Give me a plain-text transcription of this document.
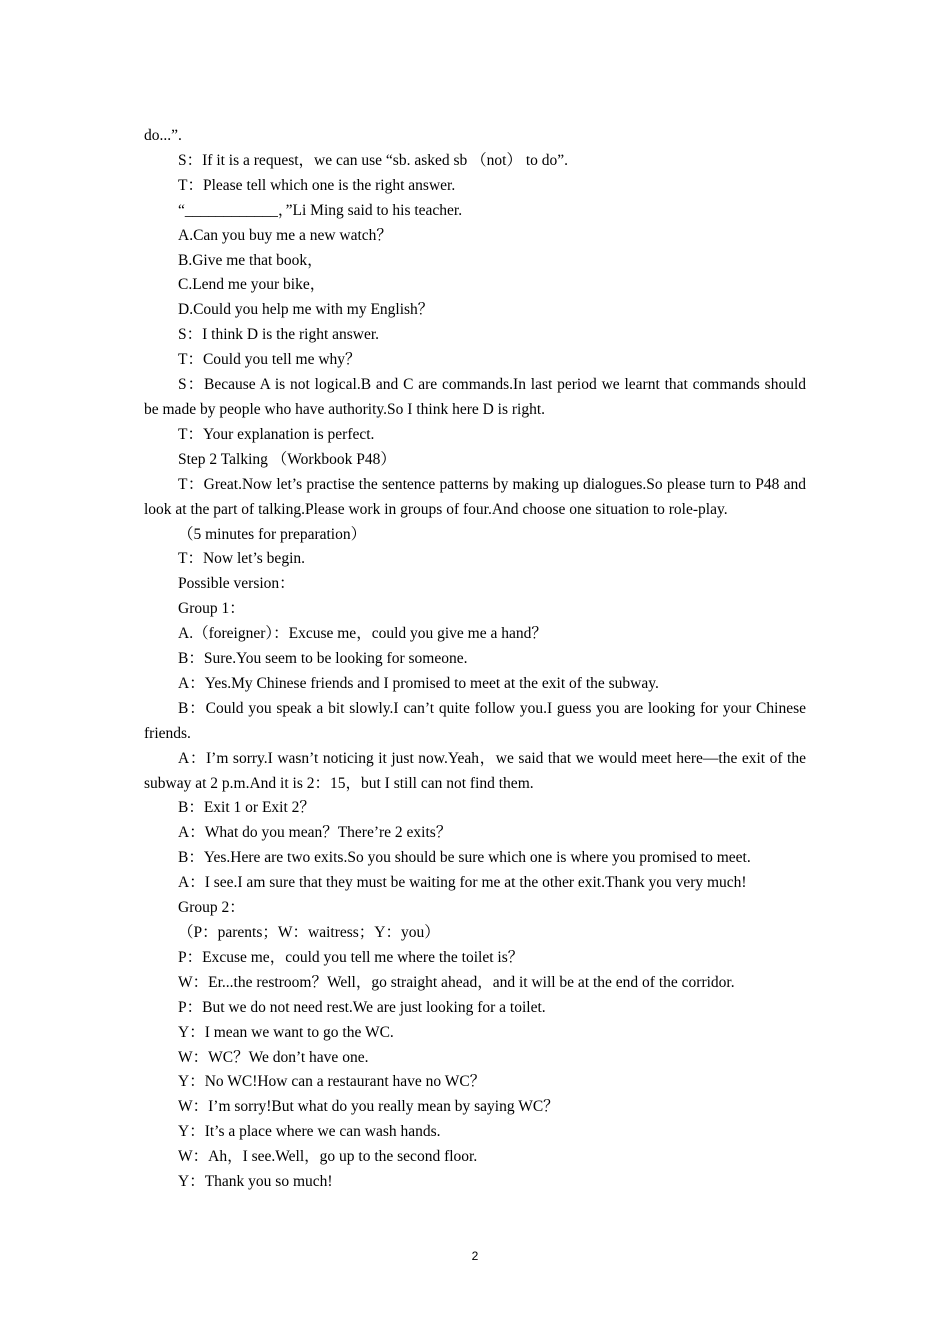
do...”.

S：If it is a request，we can use “sb. asked sb （not） to do”.

T：Please tell which one is the right answer.

“____________，”Li Ming said to his teacher.

A.Can you buy me a new watch？

B.Give me that book，

C.Lend me your bike，

D.Could you help me with my English？

S：I think D is the right answer.

T：Could you tell me why？

S：Because A is not logical.B and C are commands.In last period we learnt that commands should be made by people who have authority.So I think here D is right.

T：Your explanation is perfect.

Step 2 Talking （Workbook P48）

T：Great.Now let’s practise the sentence patterns by making up dialogues.So please turn to P48 and look at the part of talking.Please work in groups of four.And choose one situation to role-play.

（5 minutes for preparation）

T：Now let’s begin.

Possible version：

Group 1：

A.（foreigner）：Excuse me，could you give me a hand？

B：Sure.You seem to be looking for someone.

A：Yes.My Chinese friends and I promised to meet at the exit of the subway.

B：Could you speak a bit slowly.I can’t quite follow you.I guess you are looking for your Chinese friends.

A：I’m sorry.I wasn’t noticing it just now.Yeah，we said that we would meet here—the exit of the subway at 2 p.m.And it is 2：15，but I still can not find them.

B：Exit 1 or Exit 2？

A：What do you mean？There’re 2 exits？

B：Yes.Here are two exits.So you should be sure which one is where you promised to meet.

A：I see.I am sure that they must be waiting for me at the other exit.Thank you very much!

Group 2：

（P：parents；W：waitress；Y：you）

P：Excuse me，could you tell me where the toilet is？

W：Er...the restroom？Well，go straight ahead，and it will be at the end of the corridor.

P：But we do not need rest.We are just looking for a toilet.

Y：I mean we want to go the WC.

W：WC？We don’t have one.

Y：No WC!How can a restaurant have no WC？

W：I’m sorry!But what do you really mean by saying WC？

Y：It’s a place where we can wash hands.

W：Ah，I see.Well，go up to the second floor.

Y：Thank you so much!

2
